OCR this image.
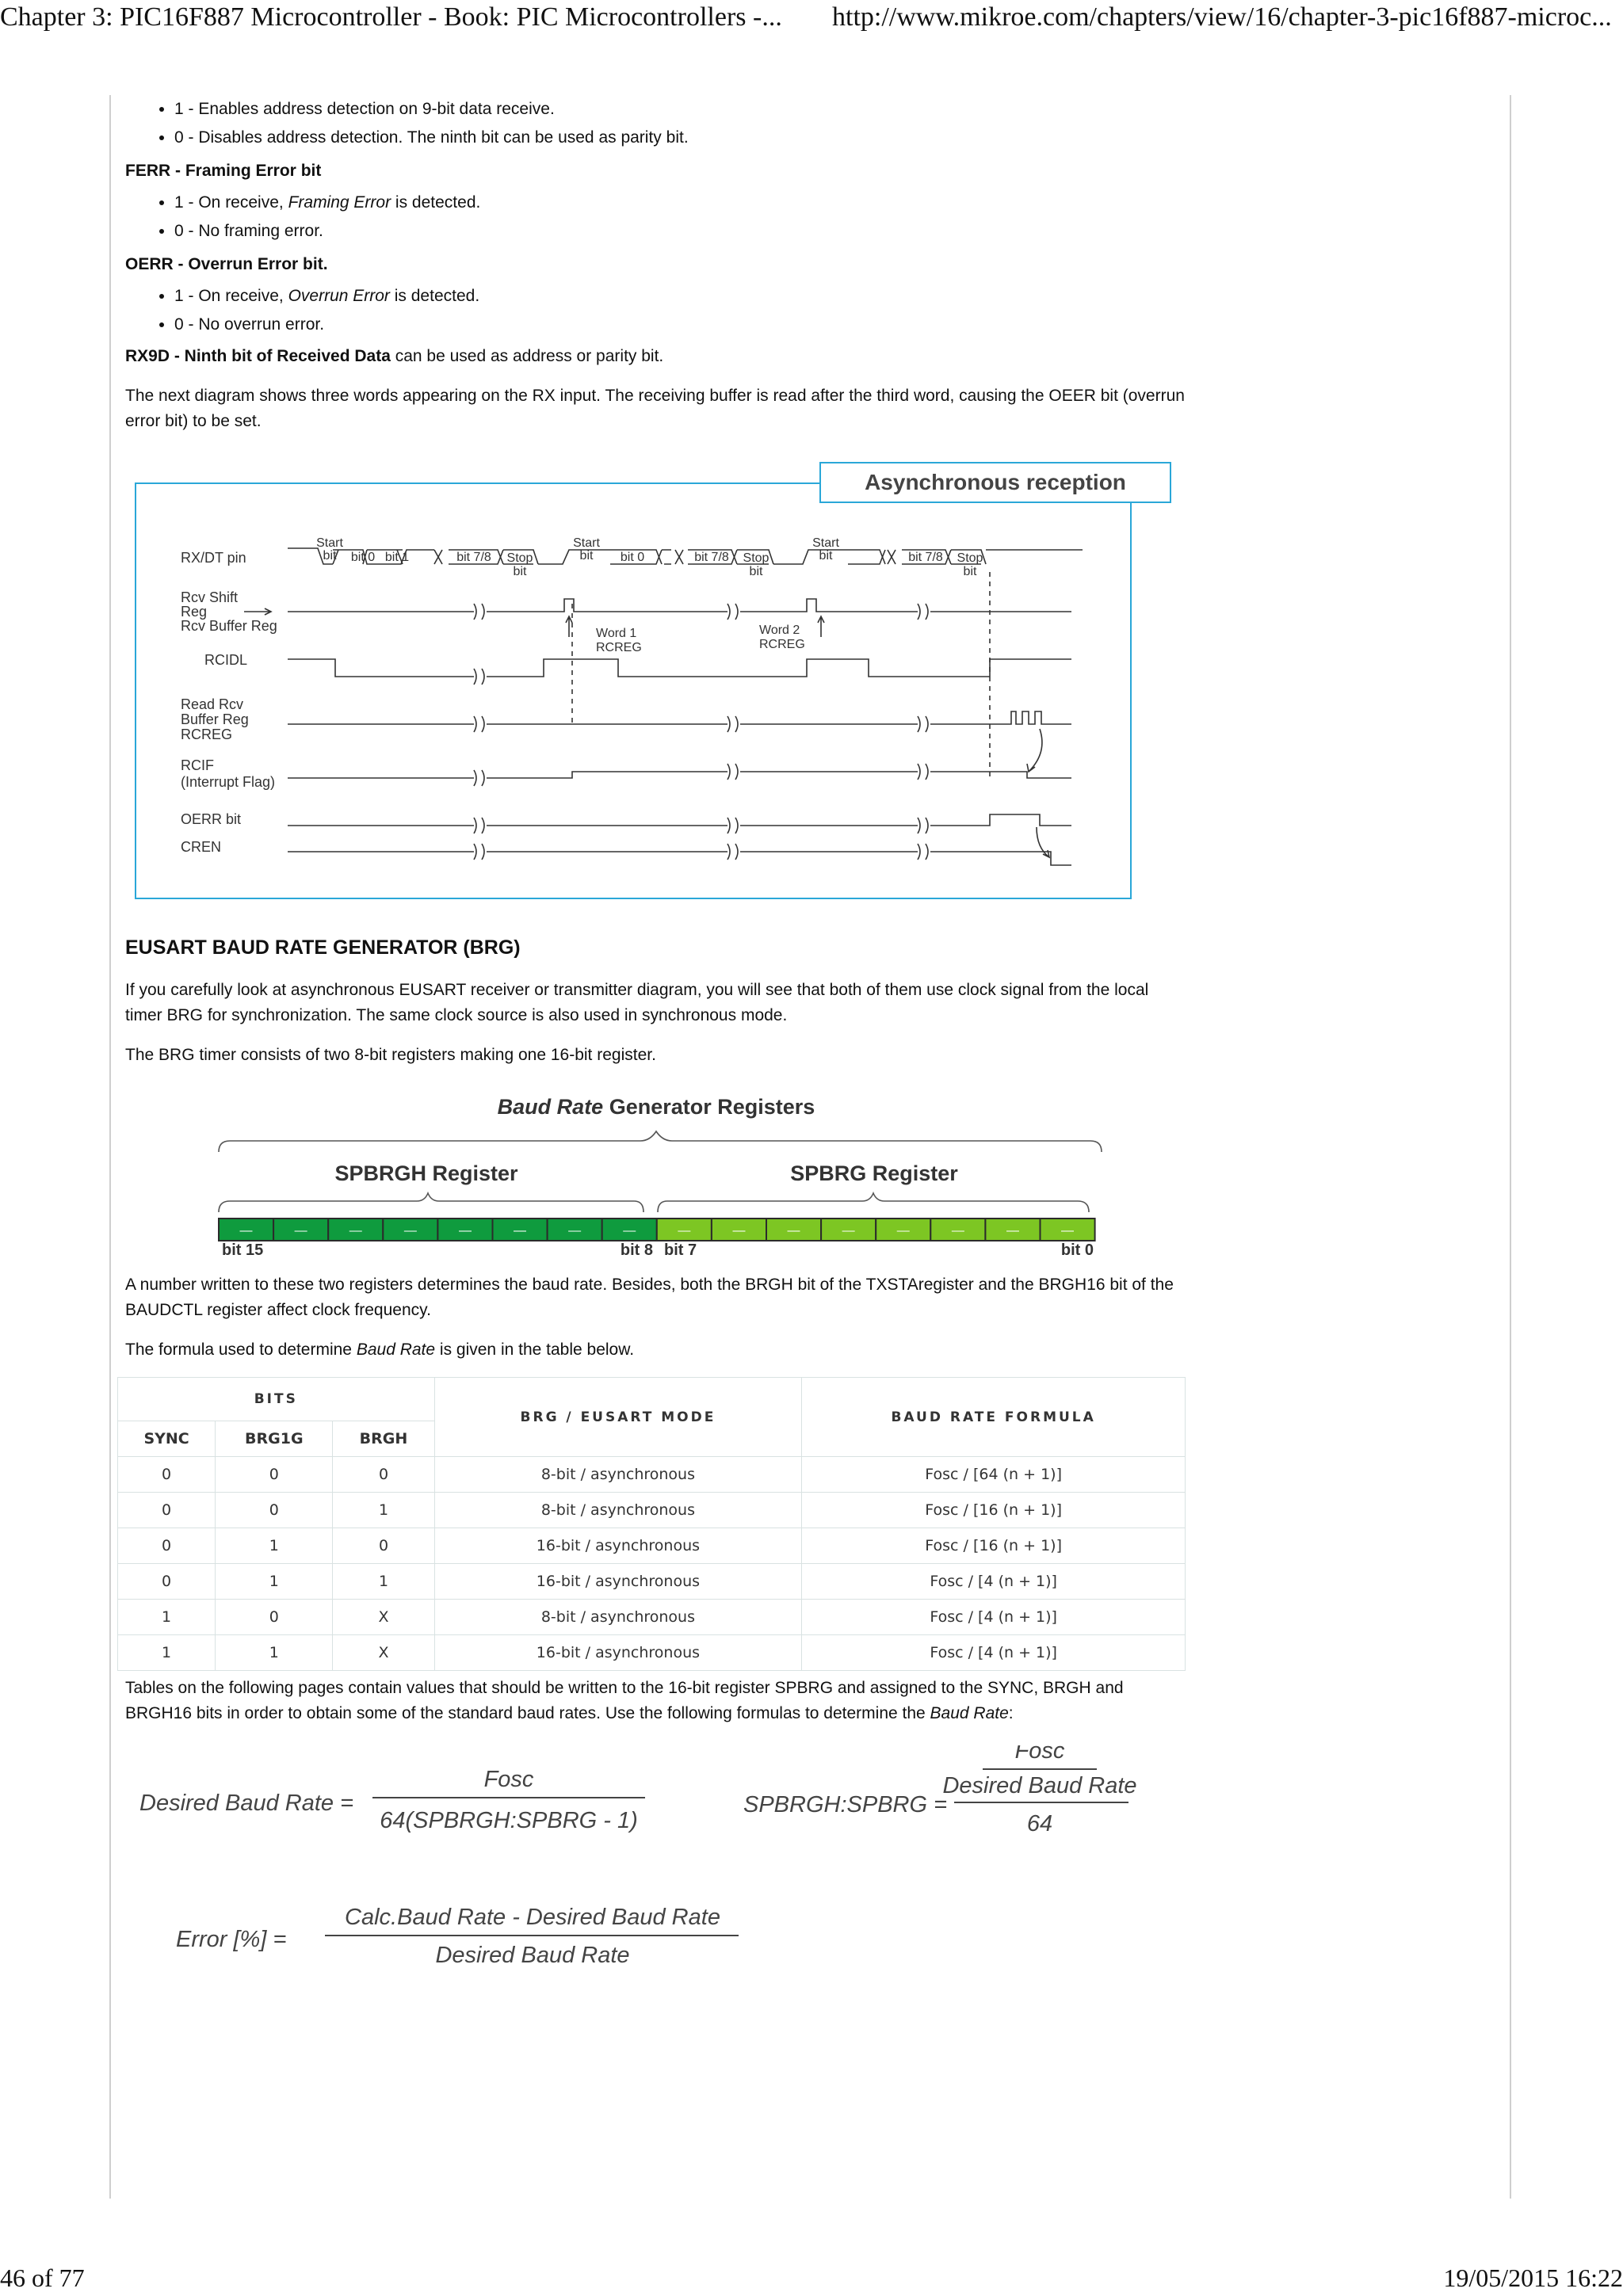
Chapter 3: PIC16F887 Microcontroller - Book: PIC Microcontrollers -... http://www.mikroe.com/chapters/view/16/chapter-3-pic16f887-microc...
• 1 - Enables address detection on 9-bit data receive.
• 0 - Disables address detection. The ninth bit can be used as parity bit.
FERR - Framing Error bit
• 1 - On receive, Framing Error is detected.
• 0 - No framing error.
OERR - Overrun Error bit.
• 1 - On receive, Overrun Error is detected.
• 0 - No overrun error.

RX9D - Ninth bit of Received Data can be used as address or parity bit.

The next diagram shows three words appearing on the RX input. The receiving buffer is read after the third word, causing the OEER bit (overrun error bit) to be set.

Asynchronous reception
RX/DT pin
Rcv Shift
Reg
Rcv Buffer Reg
RCIDL
Read Rcv
Buffer Reg
RCREG
RCIF
(Interrupt Flag)
OERR bit
CREN
Start
bit bit 0 bit 1	bit 7/8 Stop
bit
Start
bit bit 0	bit 7/8 Stop
bit
Start
bit	bit 7/8 Stop
bit
Word 1
RCREG
Word 2
RCREG
EUSART BAUD RATE GENERATOR (BRG)

If you carefully look at asynchronous EUSART receiver or transmitter diagram, you will see that both of them use clock signal from the local timer BRG for synchronization. The same clock source is also used in synchronous mode.

The BRG timer consists of two 8-bit registers making one 16-bit register.

Baud Rate Generator Registers
SPBRGH Register	SPBRG Register
—	—	—	—	—	—	—	—	—	—	—	—	—	—	—	—
bit 15	bit 8 bit 7	bit 0

A number written to these two registers determines the baud rate. Besides, both the BRGH bit of the TXSTAregister and the BRGH16 bit of the BAUDCTL register affect clock frequency.

The formula used to determine Baud Rate is given in the table below.

BITS			BRG / EUSART MODE	BAUD RATE FORMULA
SYNC	BRG1G	BRGH		
0	0	0	8-bit / asynchronous	Fosc / [64 (n + 1)]
0	0	1	8-bit / asynchronous	Fosc / [16 (n + 1)]
0	1	0	16-bit / asynchronous	Fosc / [16 (n + 1)]
0	1	1	16-bit / asynchronous	Fosc / [4 (n + 1)]
1	0	X	8-bit / asynchronous	Fosc / [4 (n + 1)]
1	1	X	16-bit / asynchronous	Fosc / [4 (n + 1)]

Tables on the following pages contain values that should be written to the 16-bit register SPBRG and assigned to the SYNC, BRGH and BRGH16 bits in order to obtain some of the standard baud rates. Use the following formulas to determine the Baud Rate:

Desired Baud Rate =
Fosc
64(SPBRGH:SPBRG - 1)
SPBRGH:SPBRG =
Fosc
Desired Baud Rate
64
Error [%] =
Calc.Baud Rate - Desired Baud Rate
Desired Baud Rate
46 of 77	19/05/2015 16:22
